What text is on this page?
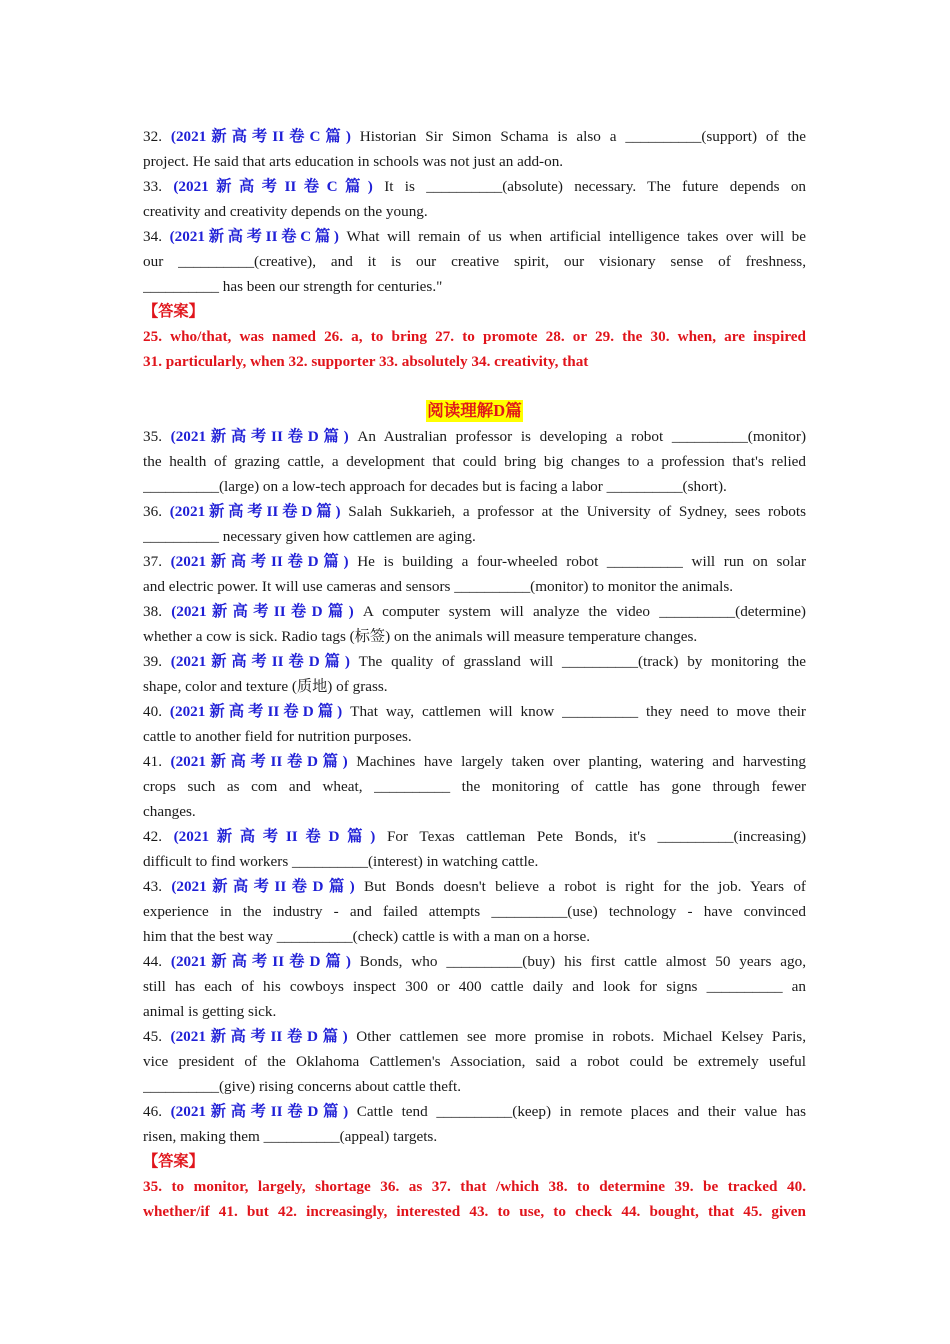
32. (2021新高考II卷C篇) Historian Sir Simon Schama is also a __________(support) of the
project. He said that arts education in schools was not just an add-on.
33. (2021新高考II卷C篇) It is __________(absolute) necessary. The future depends on
creativity and creativity depends on the young.
34. (2021新高考II卷C篇) What will remain of us when artificial intelligence takes over will be
our __________(creative), and it is our creative spirit, our visionary sense of freshness,
__________ has been our strength for centuries."
【答案】
25. who/that, was named 26. a, to bring 27. to promote 28. or 29. the 30. when, are inspired
31. particularly, when 32. supporter 33. absolutely 34. creativity, that
阅读理解D篇
35. (2021新高考II卷D篇) An Australian professor is developing a robot __________(monitor)
the health of grazing cattle, a development that could bring big changes to a profession that's relied
__________(large) on a low-tech approach for decades but is facing a labor __________(short).
36. (2021新高考II卷D篇) Salah Sukkarieh, a professor at the University of Sydney, sees robots
__________ necessary given how cattlemen are aging.
37. (2021新高考II卷D篇) He is building a four-wheeled robot __________ will run on solar
and electric power. It will use cameras and sensors __________(monitor) to monitor the animals.
38. (2021新高考II卷D篇) A computer system will analyze the video __________(determine)
whether a cow is sick. Radio tags (标签) on the animals will measure temperature changes.
39. (2021新高考II卷D篇) The quality of grassland will __________(track) by monitoring the
shape, color and texture (质地) of grass.
40. (2021新高考II卷D篇) That way, cattlemen will know __________ they need to move their
cattle to another field for nutrition purposes.
41. (2021新高考II卷D篇) Machines have largely taken over planting, watering and harvesting
crops such as com and wheat, __________ the monitoring of cattle has gone through fewer
changes.
42. (2021新高考II卷D篇) For Texas cattleman Pete Bonds, it's __________(increasing)
difficult to find workers __________(interest) in watching cattle.
43. (2021新高考II卷D篇) But Bonds doesn't believe a robot is right for the job. Years of
experience in the industry - and failed attempts __________(use) technology - have convinced
him that the best way __________(check) cattle is with a man on a horse.
44. (2021新高考II卷D篇) Bonds, who __________(buy) his first cattle almost 50 years ago,
still has each of his cowboys inspect 300 or 400 cattle daily and look for signs __________ an
animal is getting sick.
45. (2021新高考II卷D篇) Other cattlemen see more promise in robots. Michael Kelsey Paris,
vice president of the Oklahoma Cattlemen's Association, said a robot could be extremely useful
__________(give) rising concerns about cattle theft.
46. (2021新高考II卷D篇) Cattle tend __________(keep) in remote places and their value has
risen, making them __________(appeal) targets.
【答案】
35. to monitor, largely, shortage 36. as 37. that /which 38. to determine 39. be tracked 40.
whether/if 41. but 42. increasingly, interested 43. to use, to check 44. bought, that 45. given
